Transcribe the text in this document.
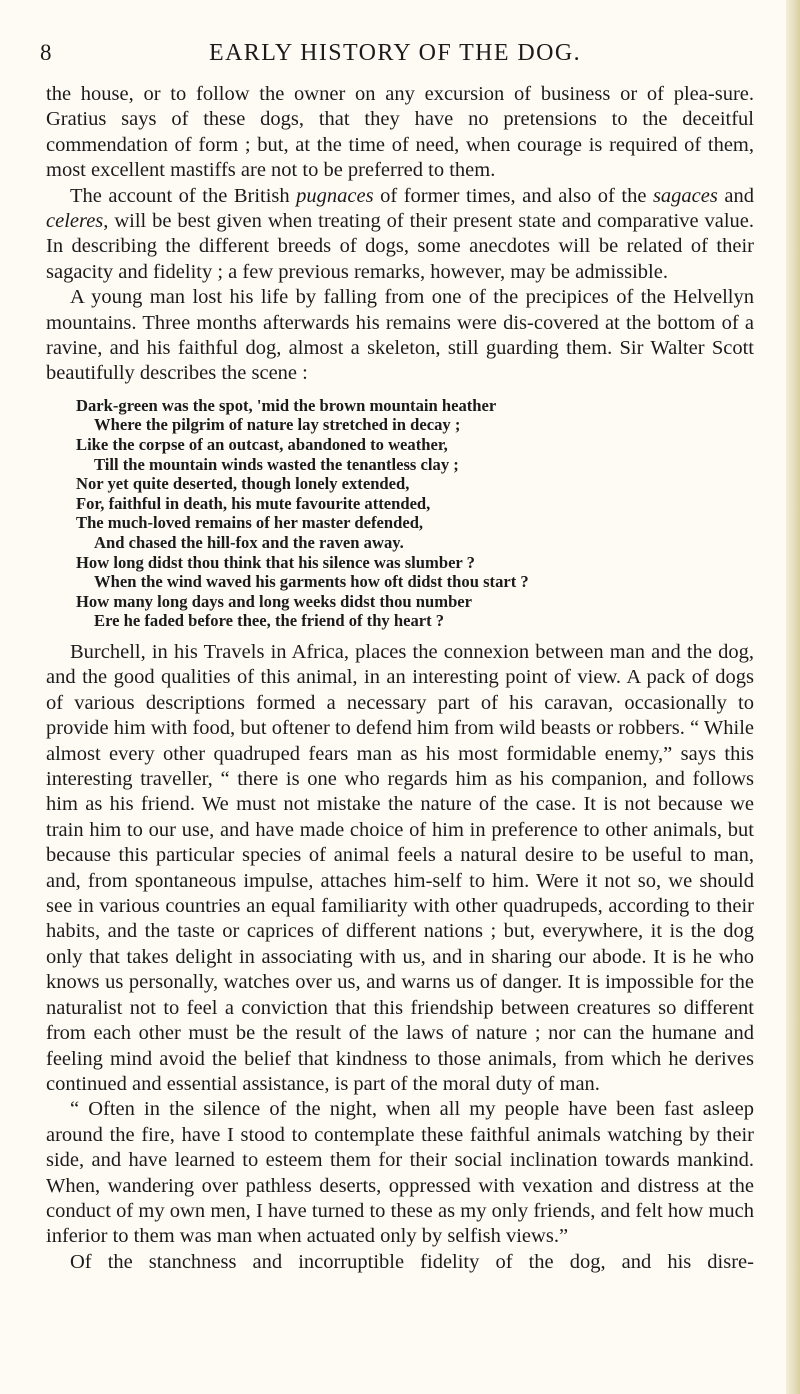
8	EARLY HISTORY OF THE DOG.

the house, or to follow the owner on any excursion of business or of plea-sure. Gratius says of these dogs, that they have no pretensions to the deceitful commendation of form ; but, at the time of need, when courage is required of them, most excellent mastiffs are not to be preferred to them.

The account of the British pugnaces of former times, and also of the sagaces and celeres, will be best given when treating of their present state and comparative value. In describing the different breeds of dogs, some anecdotes will be related of their sagacity and fidelity ; a few previous remarks, however, may be admissible.

A young man lost his life by falling from one of the precipices of the Helvellyn mountains. Three months afterwards his remains were dis-covered at the bottom of a ravine, and his faithful dog, almost a skeleton, still guarding them. Sir Walter Scott beautifully describes the scene :

Dark-green was the spot, 'mid the brown mountain heather
Where the pilgrim of nature lay stretched in decay ;
Like the corpse of an outcast, abandoned to weather,
Till the mountain winds wasted the tenantless clay ;
Nor yet quite deserted, though lonely extended,
For, faithful in death, his mute favourite attended,
The much-loved remains of her master defended,
And chased the hill-fox and the raven away.
How long didst thou think that his silence was slumber ?
When the wind waved his garments how oft didst thou start ?
How many long days and long weeks didst thou number
Ere he faded before thee, the friend of thy heart ?

Burchell, in his Travels in Africa, places the connexion between man and the dog, and the good qualities of this animal, in an interesting point of view. A pack of dogs of various descriptions formed a necessary part of his caravan, occasionally to provide him with food, but oftener to defend him from wild beasts or robbers. “ While almost every other quadruped fears man as his most formidable enemy,” says this interesting traveller, “ there is one who regards him as his companion, and follows him as his friend. We must not mistake the nature of the case. It is not because we train him to our use, and have made choice of him in preference to other animals, but because this particular species of animal feels a natural desire to be useful to man, and, from spontaneous impulse, attaches him-self to him. Were it not so, we should see in various countries an equal familiarity with other quadrupeds, according to their habits, and the taste or caprices of different nations ; but, everywhere, it is the dog only that takes delight in associating with us, and in sharing our abode. It is he who knows us personally, watches over us, and warns us of danger. It is impossible for the naturalist not to feel a conviction that this friendship between creatures so different from each other must be the result of the laws of nature ; nor can the humane and feeling mind avoid the belief that kindness to those animals, from which he derives continued and essential assistance, is part of the moral duty of man.

“ Often in the silence of the night, when all my people have been fast asleep around the fire, have I stood to contemplate these faithful animals watching by their side, and have learned to esteem them for their social inclination towards mankind. When, wandering over pathless deserts, oppressed with vexation and distress at the conduct of my own men, I have turned to these as my only friends, and felt how much inferior to them was man when actuated only by selfish views.”

Of the stanchness and incorruptible fidelity of the dog, and his disre-
